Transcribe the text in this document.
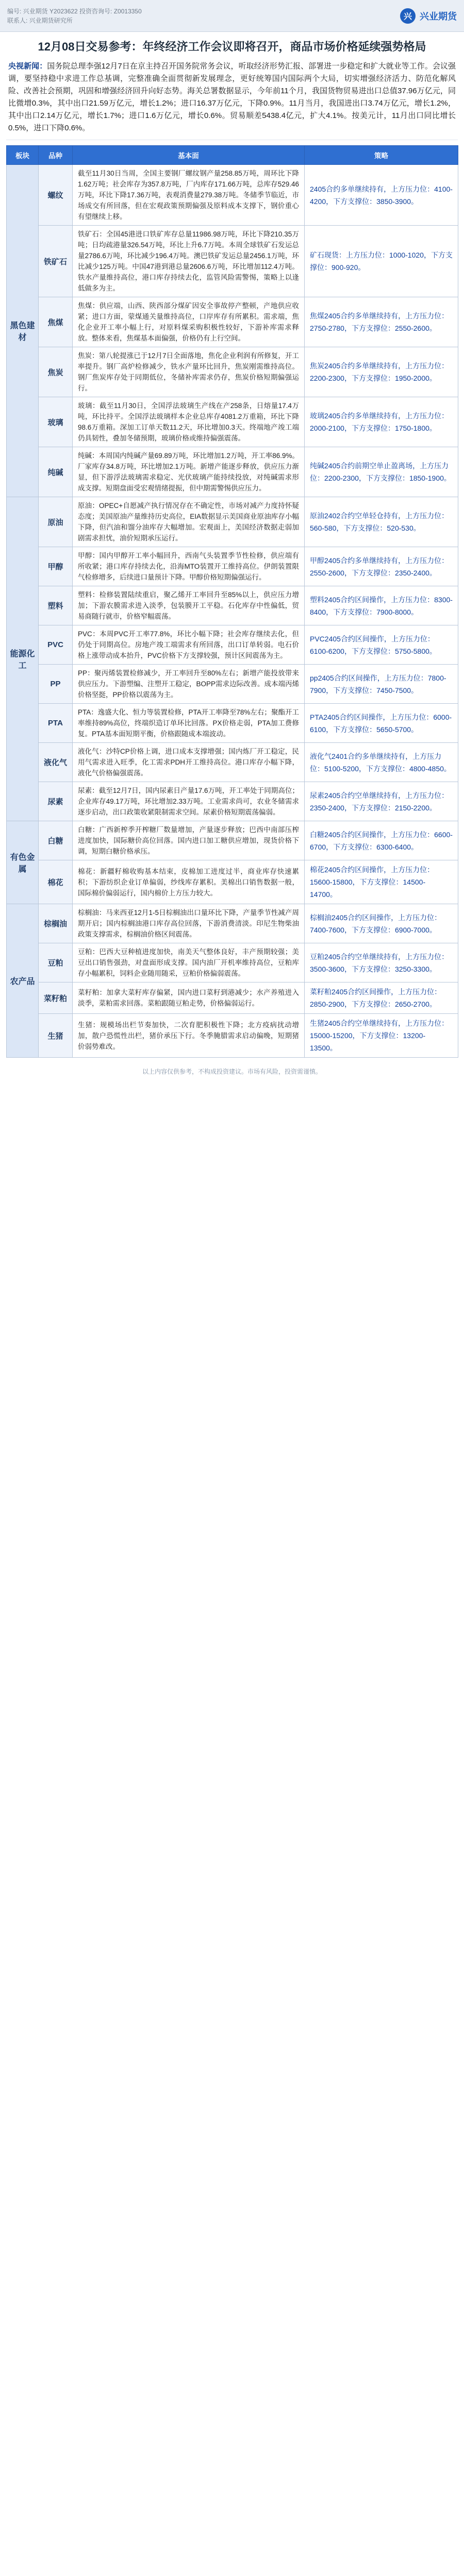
编号: 兴业期货 Y2023622 投资咨询号: Z0013350
联系人: 兴业期货研究所	兴 兴业期货
12月08日交易参考：年终经济工作会议即将召开，商品市场价格延续强势格局
央视新闻：国务院总理李强12月7日在京主持召开国务院常务会议，听取经济形势汇报、部署进一步稳定和扩大就业等工作。会议强调，要坚持稳中求进工作总基调，完整准确全面贯彻新发展理念，更好统筹国内国际两个大局，切实增强经济活力、防范化解风险、改善社会预期，巩固和增强经济回升向好态势。海关总署数据显示，今年前11个月，我国货物贸易进出口总值37.96万亿元，同比微增0.3%，其中出口21.59万亿元，增长1.2%；进口16.37万亿元，下降0.9%。11月当月，我国进出口3.74万亿元，增长1.2%，其中出口2.14万亿元，增长1.7%；进口1.6万亿元，增长0.6%。贸易顺差5438.4亿元，扩大4.1%。按美元计，11月出口同比增长0.5%，进口下降0.6%。
板块	品种	基本面	策略
黑色建材	螺纹	截至11月30日当周，全国主要钢厂螺纹钢产量258.85万吨，周环比下降1.62万吨；社会库存为357.8万吨，厂内库存171.66万吨，总库存529.46万吨，环比下降17.36万吨，表观消费量279.38万吨。冬储季节临近，市场成交有所回落，但在宏观政策预期偏强及原料成本支撑下，钢价重心有望继续上移。	2405合约多单继续持有，上方压力位：4100-4200，下方支撑位：3850-3900。
	铁矿石	铁矿石：全国45港进口铁矿库存总量11986.98万吨，环比下降210.35万吨；日均疏港量326.54万吨，环比上升6.7万吨。本周全球铁矿石发运总量2786.6万吨，环比减少196.4万吨。澳巴铁矿发运总量2456.1万吨，环比减少125万吨。中国47港到港总量2606.6万吨，环比增加112.4万吨。铁水产量维持高位，港口库存持续去化，监管风险需警惕，策略上以逢低做多为主。	矿石现货：上方压力位：1000-1020，下方支撑位：900-920。
	焦煤	焦煤：供应端，山西、陕西部分煤矿因安全事故停产整顿，产地供应收紧；进口方面，蒙煤通关量维持高位，口岸库存有所累积。需求端，焦化企业开工率小幅上行，对原料煤采购积极性较好，下游补库需求释放。整体来看，焦煤基本面偏强，价格仍有上行空间。	焦煤2405合约多单继续持有，上方压力位：2750-2780，下方支撑位：2550-2600。
	焦炭	焦炭：第八轮提涨已于12月7日全面落地，焦化企业利润有所修复，开工率提升。钢厂高炉检修减少，铁水产量环比回升，焦炭刚需维持高位。钢厂焦炭库存处于同期低位，冬储补库需求仍存，焦炭价格短期偏强运行。	焦炭2405合约多单继续持有，上方压力位：2200-2300，下方支撑位：1950-2000。
	玻璃	玻璃：截至11月30日，全国浮法玻璃生产线在产258条，日熔量17.4万吨，环比持平。全国浮法玻璃样本企业总库存4081.2万重箱，环比下降98.6万重箱。深加工订单天数11.2天，环比增加0.3天。终端地产竣工端仍具韧性，叠加冬储预期，玻璃价格或维持偏强震荡。	玻璃2405合约多单继续持有，上方压力位：2000-2100，下方支撑位：1750-1800。
	纯碱	纯碱：本周国内纯碱产量69.89万吨，环比增加1.2万吨，开工率86.9%。厂家库存34.8万吨，环比增加2.1万吨。新增产能逐步释放，供应压力渐显，但下游浮法玻璃需求稳定、光伏玻璃产能持续投放，对纯碱需求形成支撑。短期盘面受宏观情绪提振，但中期需警惕供应压力。	纯碱2405合约前期空单止盈离场，上方压力位：2200-2300，下方支撑位：1850-1900。
能源化工	原油	原油：OPEC+自愿减产执行情况存在不确定性，市场对减产力度持怀疑态度；美国原油产量维持历史高位，EIA数据显示美国商业原油库存小幅下降，但汽油和馏分油库存大幅增加。宏观面上，美国经济数据走弱加剧需求担忧，油价短期承压运行。	原油2402合约空单轻仓持有，上方压力位：560-580，下方支撑位：520-530。
	甲醇	甲醇：国内甲醇开工率小幅回升，西南气头装置季节性检修，供应端有所收紧；港口库存持续去化，沿海MTO装置开工维持高位。伊朗装置限气检修增多，后续进口量预计下降。甲醇价格短期偏强运行。	甲醇2405合约多单继续持有，上方压力位：2550-2600，下方支撑位：2350-2400。
	塑料	塑料：检修装置陆续重启，聚乙烯开工率回升至85%以上，供应压力增加；下游农膜需求进入淡季，包装膜开工平稳。石化库存中性偏低，贸易商随行就市，价格窄幅震荡。	塑料2405合约区间操作，上方压力位：8300-8400，下方支撑位：7900-8000。
	PVC	PVC：本周PVC开工率77.8%，环比小幅下降；社会库存继续去化，但仍处于同期高位。房地产竣工端需求有所回落，出口订单转弱。电石价格上涨带动成本抬升，PVC价格下方支撑较强，预计区间震荡为主。	PVC2405合约区间操作，上方压力位：6100-6200，下方支撑位：5750-5800。
	PP	PP：聚丙烯装置检修减少，开工率回升至80%左右；新增产能投放带来供应压力。下游塑编、注塑开工稳定，BOPP需求边际改善。成本端丙烯价格坚挺，PP价格以震荡为主。	pp2405合约区间操作，上方压力位：7800-7900，下方支撑位：7450-7500。
	PTA	PTA：逸盛大化、恒力等装置检修，PTA开工率降至78%左右；聚酯开工率维持89%高位，终端织造订单环比回落。PX价格走弱，PTA加工费修复。PTA基本面短期平衡，价格跟随成本端波动。	PTA2405合约区间操作，上方压力位：6000-6100，下方支撑位：5650-5700。
	液化气	液化气：沙特CP价格上调，进口成本支撑增强；国内炼厂开工稳定，民用气需求进入旺季，化工需求PDH开工维持高位。港口库存小幅下降，液化气价格偏强震荡。	液化气2401合约多单继续持有，上方压力位：5100-5200，下方支撑位：4800-4850。
	尿素	尿素：截至12月7日，国内尿素日产量17.6万吨，开工率处于同期高位；企业库存49.17万吨，环比增加2.33万吨。工业需求尚可，农业冬储需求逐步启动，出口政策收紧限制需求空间。尿素价格短期震荡偏弱。	尿素2405合约空单继续持有，上方压力位：2350-2400，下方支撑位：2150-2200。
有色金属	白糖	白糖：广西新榨季开榨糖厂数量增加，产量逐步释放；巴西中南部压榨进度加快，国际糖价高位回落。国内进口加工糖供应增加，现货价格下调，短期白糖价格承压。	白糖2405合约区间操作，上方压力位：6600-6700，下方支撑位：6300-6400。
	棉花	棉花：新疆籽棉收购基本结束，皮棉加工进度过半，商业库存快速累积；下游纺织企业订单偏弱，纱线库存累积。美棉出口销售数据一般，国际棉价偏弱运行，国内棉价上方压力较大。	棉花2405合约区间操作，上方压力位：15600-15800，下方支撑位：14500-14700。
农产品	棕榈油	棕榈油：马来西亚12月1-5日棕榈油出口量环比下降，产量季节性减产周期开启；国内棕榈油港口库存高位回落，下游消费清淡。印尼生物柴油政策支撑需求，棕榈油价格区间震荡。	棕榈油2405合约区间操作，上方压力位：7400-7600，下方支撑位：6900-7000。
	豆粕	豆粕：巴西大豆种植进度加快，南美天气整体良好，丰产预期较强；美豆出口销售强劲，对盘面形成支撑。国内油厂开机率维持高位，豆粕库存小幅累积，饲料企业随用随采，豆粕价格偏弱震荡。	豆粕2405合约空单继续持有，上方压力位：3500-3600，下方支撑位：3250-3300。
	菜籽粕	菜籽粕：加拿大菜籽库存偏紧，国内进口菜籽到港减少；水产养殖进入淡季，菜粕需求回落。菜粕跟随豆粕走势，价格偏弱运行。	菜籽粕2405合约区间操作，上方压力位：2850-2900，下方支撑位：2650-2700。
	生猪	生猪：规模场出栏节奏加快，二次育肥积极性下降；北方疫病扰动增加，散户恐慌性出栏，猪价承压下行。冬季腌腊需求启动偏晚，短期猪价弱势难改。	生猪2405合约空单继续持有，上方压力位：15000-15200，下方支撑位：13200-13500。
以上内容仅供参考，不构成投资建议。市场有风险，投资需谨慎。
